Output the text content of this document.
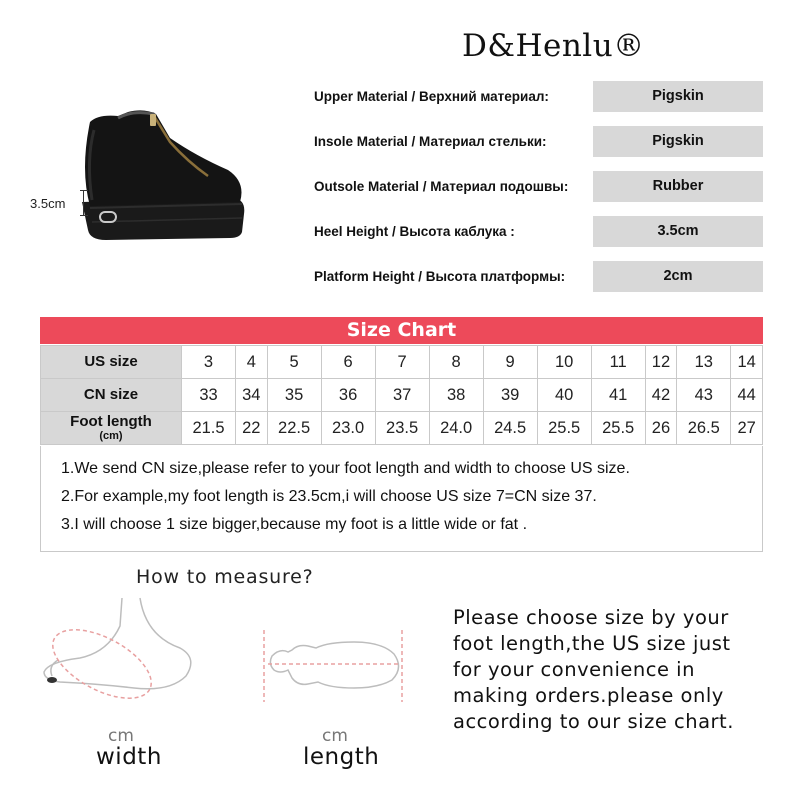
D&Henlu®
3.5cm
Upper Material / Верхний материал:	Pigskin
Insole Material / Материал стельки:	Pigskin
Outsole Material / Материал подошвы:	Rubber
Heel Height / Высота каблука :	3.5cm
Platform Height / Высота платформы:	2cm
Size Chart
US size	3	4	5	6	7	8	9	10	11	12	13	14

CN size	33	34	35	36	37	38	39	40	41	42	43	44

Foot length
(cm)	21.5	22	22.5	23.0	23.5	24.0	24.5	25.5	25.5	26	26.5	27
1.We send CN size,please refer to your foot length and width to choose US size.
2.For example,my foot length is 23.5cm,i will choose US size 7=CN size 37.
3.I will choose 1 size bigger,because my foot is a little wide or fat .
How to measure?
cm
width
cm
length
Please choose size by your
foot length,the US size just
for your convenience in
making orders.please only
according to our size chart.
